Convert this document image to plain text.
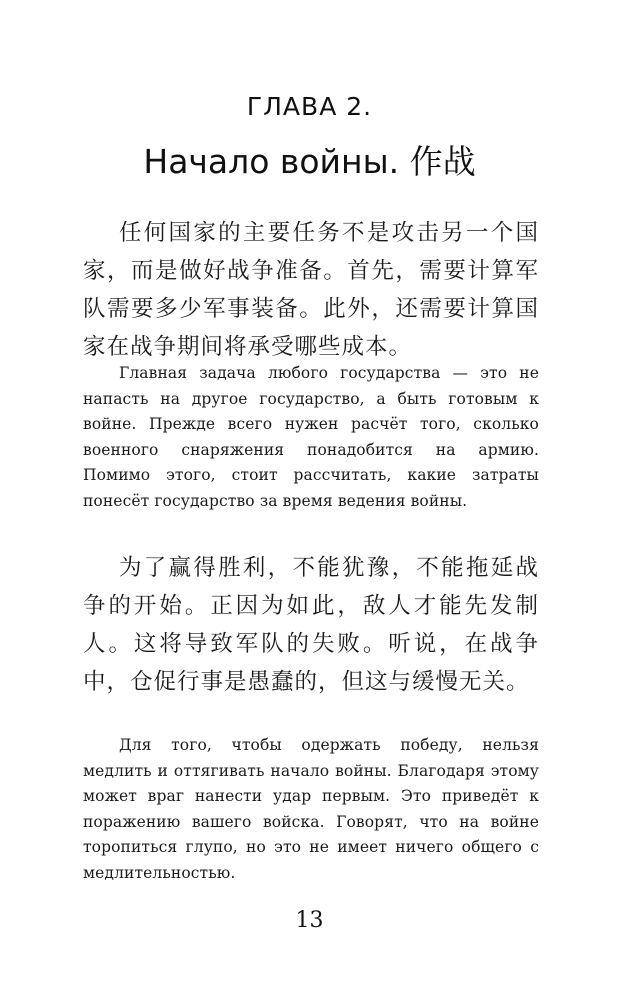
ГЛАВА 2.
Начало войны. 作战

任何国家的主要任务不是攻击另一个国家，而是做好战争准备。首先，需要计算军队需要多少军事装备。此外，还需要计算国家在战争期间将承受哪些成本。

Главная задача любого государства — это не напасть на другое государство, а быть готовым к войне. Прежде всего нужен расчёт того, сколько военного снаряжения понадобится на армию. Помимо этого, стоит рассчитать, какие затраты понесёт государство за время ведения войны.

为了赢得胜利，不能犹豫，不能拖延战争的开始。正因为如此，敌人才能先发制人。这将导致军队的失败。听说，在战争中，仓促行事是愚蠢的，但这与缓慢无关。

Для того, чтобы одержать победу, нельзя медлить и оттягивать начало войны. Благодаря этому может враг нанести удар первым. Это приведёт к поражению вашего войска. Говорят, что на войне торопиться глупо, но это не имеет ничего общего с медлительностью.

13
